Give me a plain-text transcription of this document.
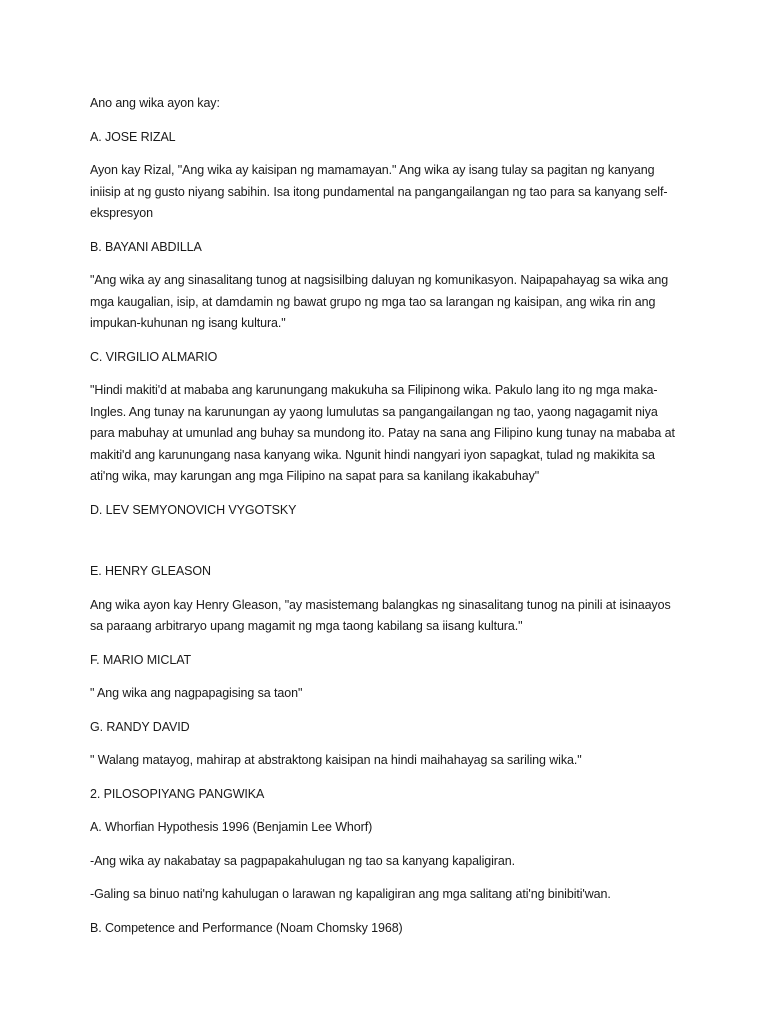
Ano ang wika ayon kay:

A. JOSE RIZAL

Ayon kay Rizal, "Ang wika ay kaisipan ng mamamayan." Ang wika ay isang tulay sa pagitan ng kanyang iniisip at ng gusto niyang sabihin. Isa itong pundamental na pangangailangan ng tao para sa kanyang self-ekspresyon

B. BAYANI ABDILLA

"Ang wika ay ang sinasalitang tunog at nagsisilbing daluyan ng komunikasyon. Naipapahayag sa wika ang mga kaugalian, isip, at damdamin ng bawat grupo ng mga tao sa larangan ng kaisipan, ang wika rin ang impukan-kuhunan ng isang kultura."

C. VIRGILIO ALMARIO

"Hindi makiti'd at mababa ang karunungang makukuha sa Filipinong wika. Pakulo lang ito ng mga maka-Ingles. Ang tunay na karunungan ay yaong lumulutas sa pangangailangan ng tao, yaong nagagamit niya para mabuhay at umunlad ang buhay sa mundong ito. Patay na sana ang Filipino kung tunay na mababa at makiti'd ang karunungang nasa kanyang wika. Ngunit hindi nangyari iyon sapagkat, tulad ng makikita sa ati'ng wika, may karungan ang mga Filipino na sapat para sa kanilang ikakabuhay"

D. LEV SEMYONOVICH VYGOTSKY

E. HENRY GLEASON

Ang wika ayon kay Henry Gleason, "ay masistemang balangkas ng sinasalitang tunog na pinili at isinaayos sa paraang arbitraryo upang magamit ng mga taong kabilang sa iisang kultura."

F. MARIO MICLAT

" Ang wika ang nagpapagising sa taon"

G. RANDY DAVID

" Walang matayog, mahirap at abstraktong kaisipan na hindi maihahayag sa sariling wika."

2. PILOSOPIYANG PANGWIKA

A. Whorfian Hypothesis 1996 (Benjamin Lee Whorf)

-Ang wika ay nakabatay sa pagpapakahulugan ng tao sa kanyang kapaligiran.

-Galing sa binuo nati'ng kahulugan o larawan ng kapaligiran ang mga salitang ati'ng binibiti'wan.

B. Competence and Performance (Noam Chomsky 1968)
